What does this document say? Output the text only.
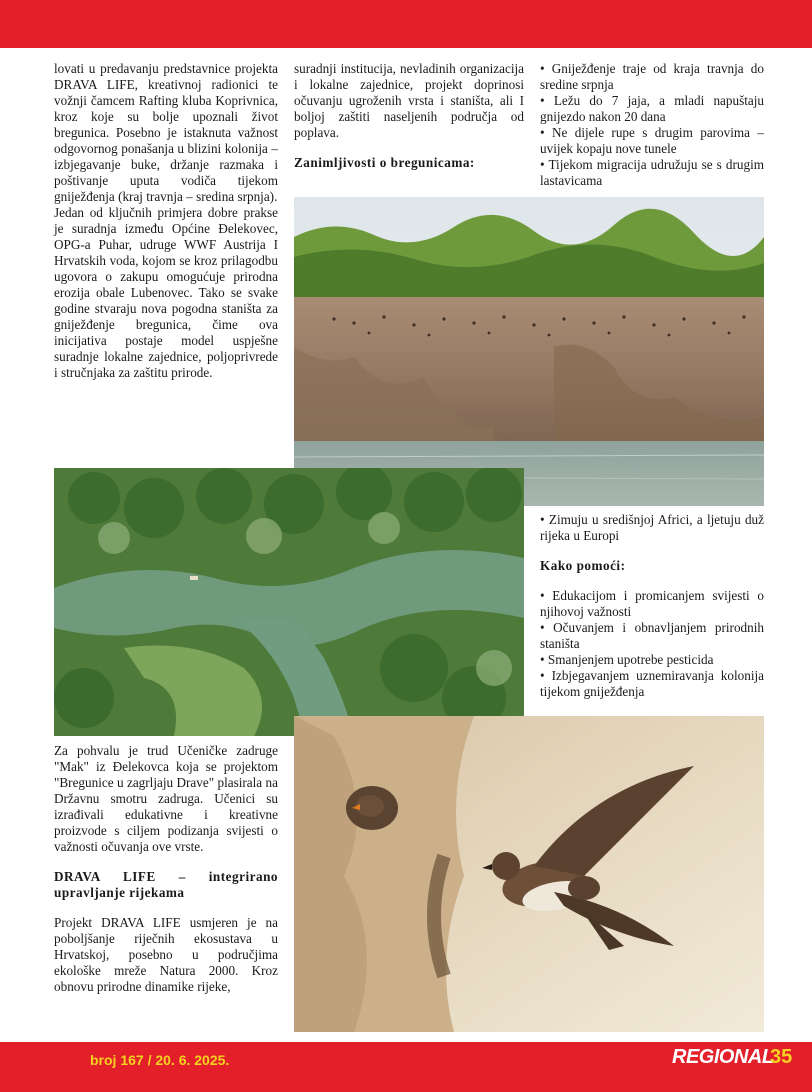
lovati u predavanju predstavnice projekta DRAVA LIFE, kreativnoj radionici te vožnji čamcem Rafting kluba Koprivnica, kroz koje su bolje upoznali život bregunica. Posebno je istaknuta važnost odgovornog ponašanja u blizini kolonija – izbjegavanje buke, držanje razmaka i poštivanje uputa vodiča tijekom gniježđenja (kraj travnja – sredina srpnja).

Jedan od ključnih primjera dobre prakse je suradnja između Općine Đelekovec, OPG-a Puhar, udruge WWF Austrija I Hrvatskih voda, kojom se kroz prilagodbu ugovora o zakupu omogućuje prirodna erozija obale Lubenovec. Tako se svake godine stvaraju nova pogodna staništa za gniježđenje bregunica, čime ova inicijativa postaje model uspješne suradnje lokalne zajednice, poljoprivrede i stručnjaka za zaštitu prirode.

suradnji institucija, nevladinih organizacija i lokalne zajednice, projekt doprinosi očuvanju ugroženih vrsta i staništa, ali I boljoj zaštiti naseljenih područja od poplava.

Zanimljivosti o bregunicama:

• Gniježđenje traje od kraja travnja do sredine srpnja
• Ležu do 7 jaja, a mladi napuštaju gnijezdo nakon 20 dana
• Ne dijele rupe s drugim parovima – uvijek kopaju nove tunele
• Tijekom migracija udružuju se s drugim lastavicama
• Zimuju u središnjoj Africi, a ljetuju duž rijeka u Europi
Kako pomoći:
• Edukacijom i promicanjem svijesti o njihovoj važnosti
• Očuvanjem i obnavljanjem prirodnih staništa
• Smanjenjem upotrebe pesticida
• Izbjegavanjem uznemiravanja kolonija tijekom gniježđenja

Za pohvalu je trud Učeničke zadruge "Mak" iz Đelekovca koja se projektom "Bregunice u zagrljaju Drave" plasirala na Državnu smotru zadruga. Učenici su izrađivali edukativne i kreativne proizvode s ciljem podizanja svijesti o važnosti očuvanja ove vrste.

DRAVA LIFE – integrirano upravljanje rijekama

Projekt DRAVA LIFE usmjeren je na poboljšanje riječnih ekosustava u Hrvatskoj, posebno u područjima ekološke mreže Natura 2000. Kroz obnovu prirodne dinamike rijeke,

broj 167 / 20. 6. 2025.	REGIONAL
35
